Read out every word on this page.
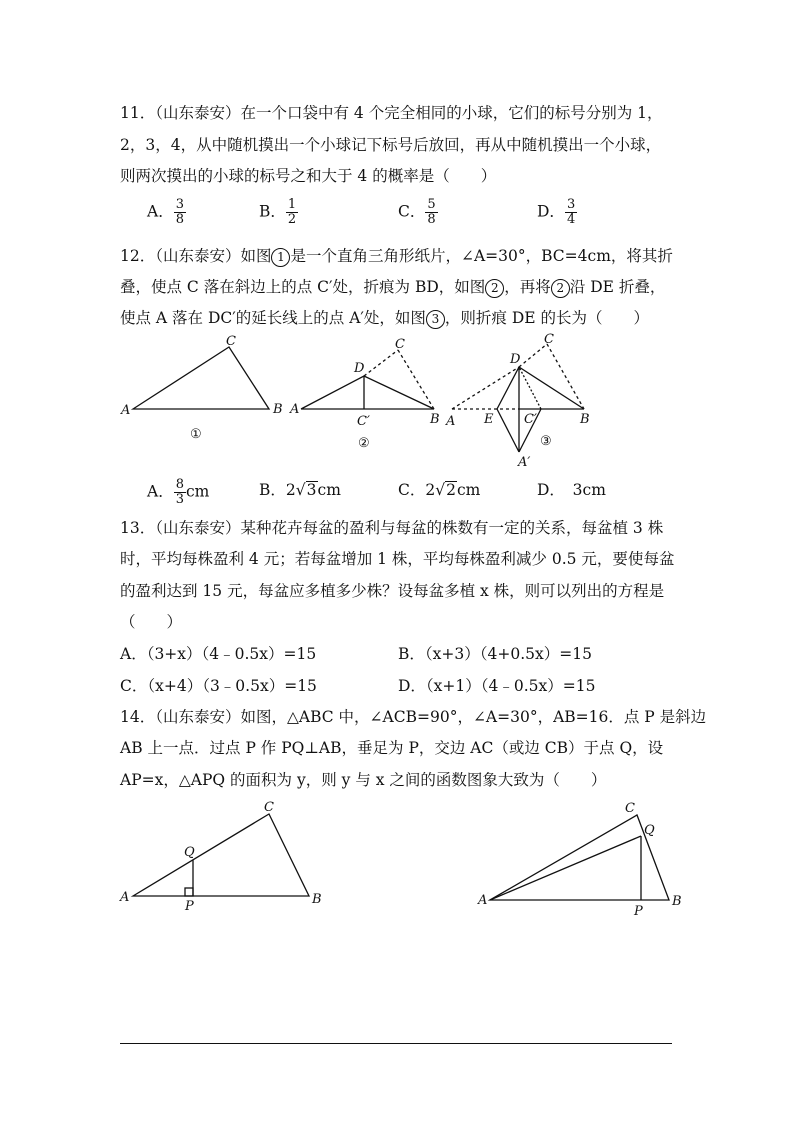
11．（山东泰安）在一个口袋中有 4 个完全相同的小球，它们的标号分别为 1，
2，3，4，从中随机摸出一个小球记下标号后放回，再从中随机摸出一个小球，
则两次摸出的小球的标号之和大于 4 的概率是（　　）
A． $\frac{3}{8}$	B． $\frac{1}{2}$	C． $\frac{5}{8}$	D． $\frac{3}{4}$
12．（山东泰安）如图 1 是一个直角三角形纸片，∠A=30°，BC=4cm，将其折
叠，使点 C 落在斜边上的点 C′处，折痕为 BD，如图 2 ，再将 2 沿 DE 折叠，
使点 A 落在 DC′的延长线上的点 A′处，如图 3 ，则折痕 DE 的长为（　　）
A	B
C
①
A
B
C
D
C′
②
A	B
C
D
E C′
A′
③
A． $\frac{8}{3}$ cm	B．2√3cm	C．2√2cm	D．　3cm
13．（山东泰安）某种花卉每盆的盈利与每盆的株数有一定的关系，每盆植 3 株
时，平均每株盈利 4 元；若每盆增加 1 株，平均每株盈利减少 0.5 元，要使每盆
的盈利达到 15 元，每盆应多植多少株？设每盆多植 x 株，则可以列出的方程是
（　　）
A．（3+x）（4﹣0.5x）=15	B．（x+3）（4+0.5x）=15
C．（x+4）（3﹣0.5x）=15	D．（x+1）（4﹣0.5x）=15
14．（山东泰安）如图，△ABC 中，∠ACB=90°，∠A=30°，AB=16．点 P 是斜边
AB 上一点．过点 P 作 PQ⊥AB，垂足为 P，交边 AC（或边 CB）于点 Q，设
AP=x，△APQ 的面积为 y，则 y 与 x 之间的函数图象大致为（　　）
A	B
C
P
Q
A	B
C
P
Q
